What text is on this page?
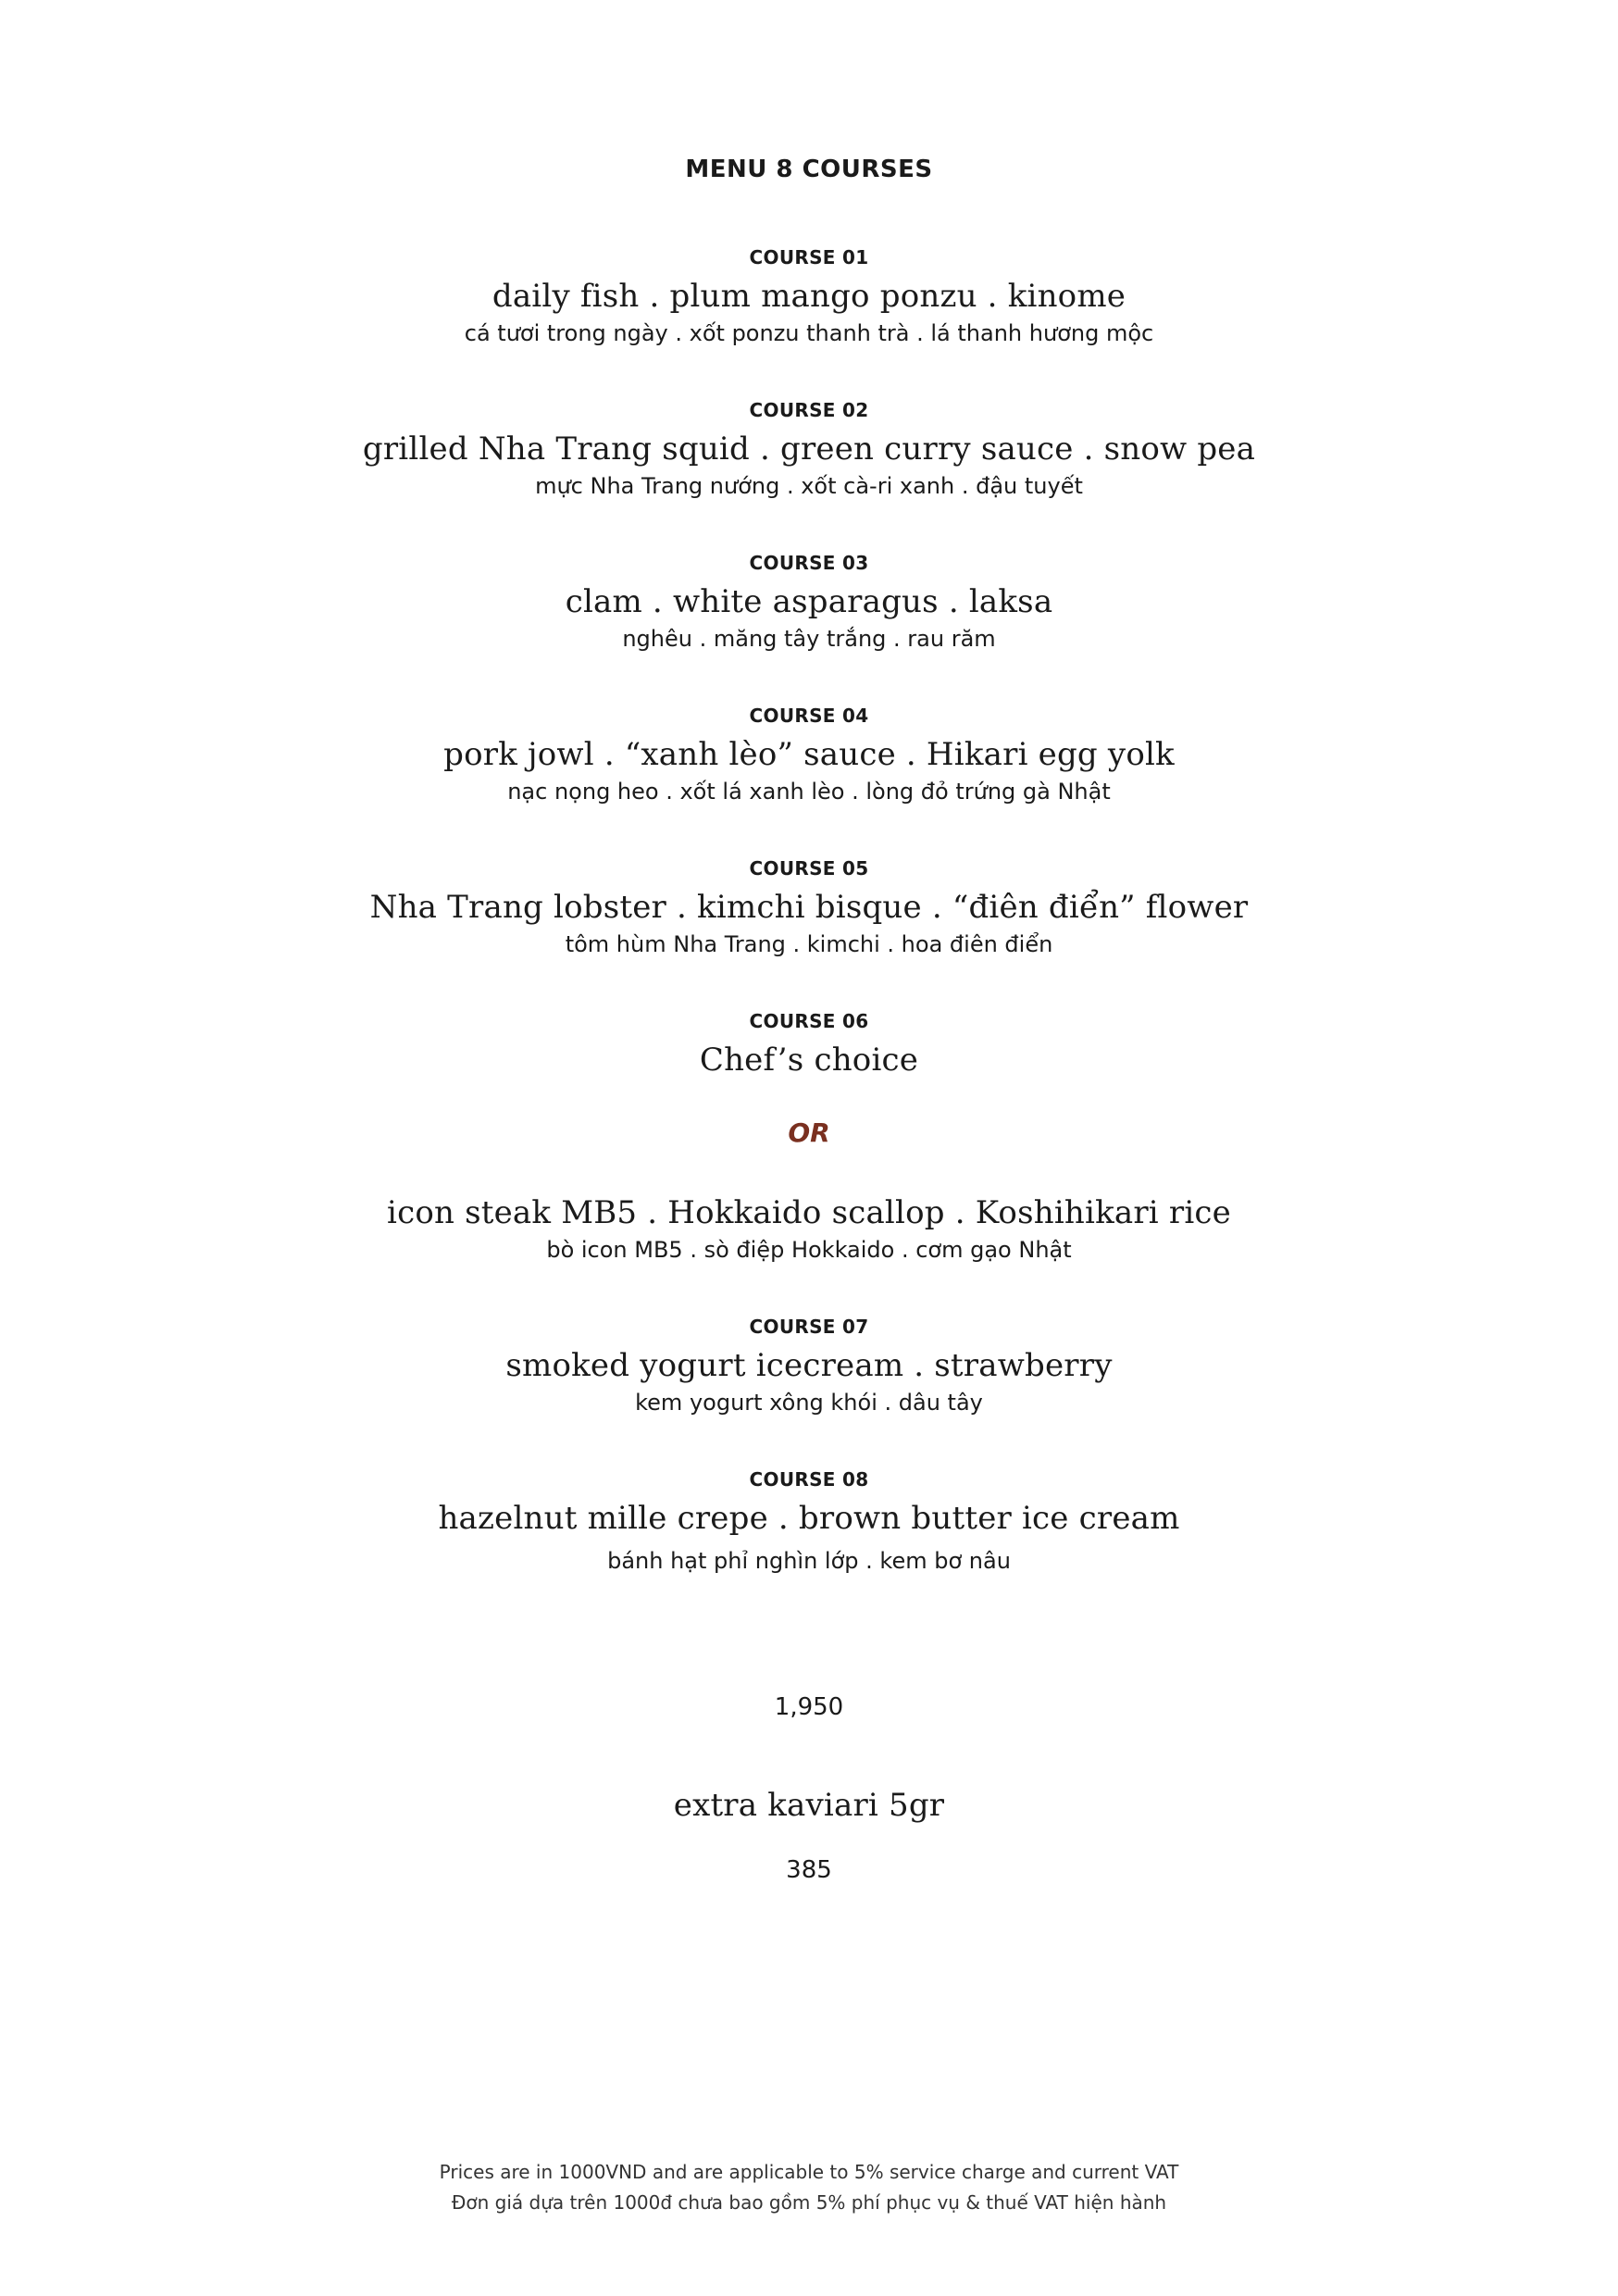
MENU 8 COURSES
COURSE 01
daily fish . plum mango ponzu . kinome
cá tươi trong ngày . xốt ponzu thanh trà . lá thanh hương mộc
COURSE 02
grilled Nha Trang squid . green curry sauce . snow pea
mực Nha Trang nướng . xốt cà-ri xanh . đậu tuyết
COURSE 03
clam . white asparagus . laksa
nghêu . măng tây trắng . rau răm
COURSE 04
pork jowl . “xanh lèo” sauce . Hikari egg yolk
nạc nọng heo . xốt lá xanh lèo . lòng đỏ trứng gà Nhật
COURSE 05
Nha Trang lobster . kimchi bisque . “điên điển” flower
tôm hùm Nha Trang . kimchi . hoa điên điển
COURSE 06
Chef’s choice
OR
icon steak MB5 . Hokkaido scallop . Koshihikari rice
bò icon MB5 . sò điệp Hokkaido . cơm gạo Nhật
COURSE 07
smoked yogurt icecream . strawberry
kem yogurt xông khói . dâu tây
COURSE 08
hazelnut mille crepe . brown butter ice cream
bánh hạt phỉ nghìn lớp . kem bơ nâu
1,950
extra kaviari 5gr
385
Prices are in 1000VND and are applicable to 5% service charge and current VAT
Đơn giá dựa trên 1000đ chưa bao gồm 5% phí phục vụ & thuế VAT hiện hành
